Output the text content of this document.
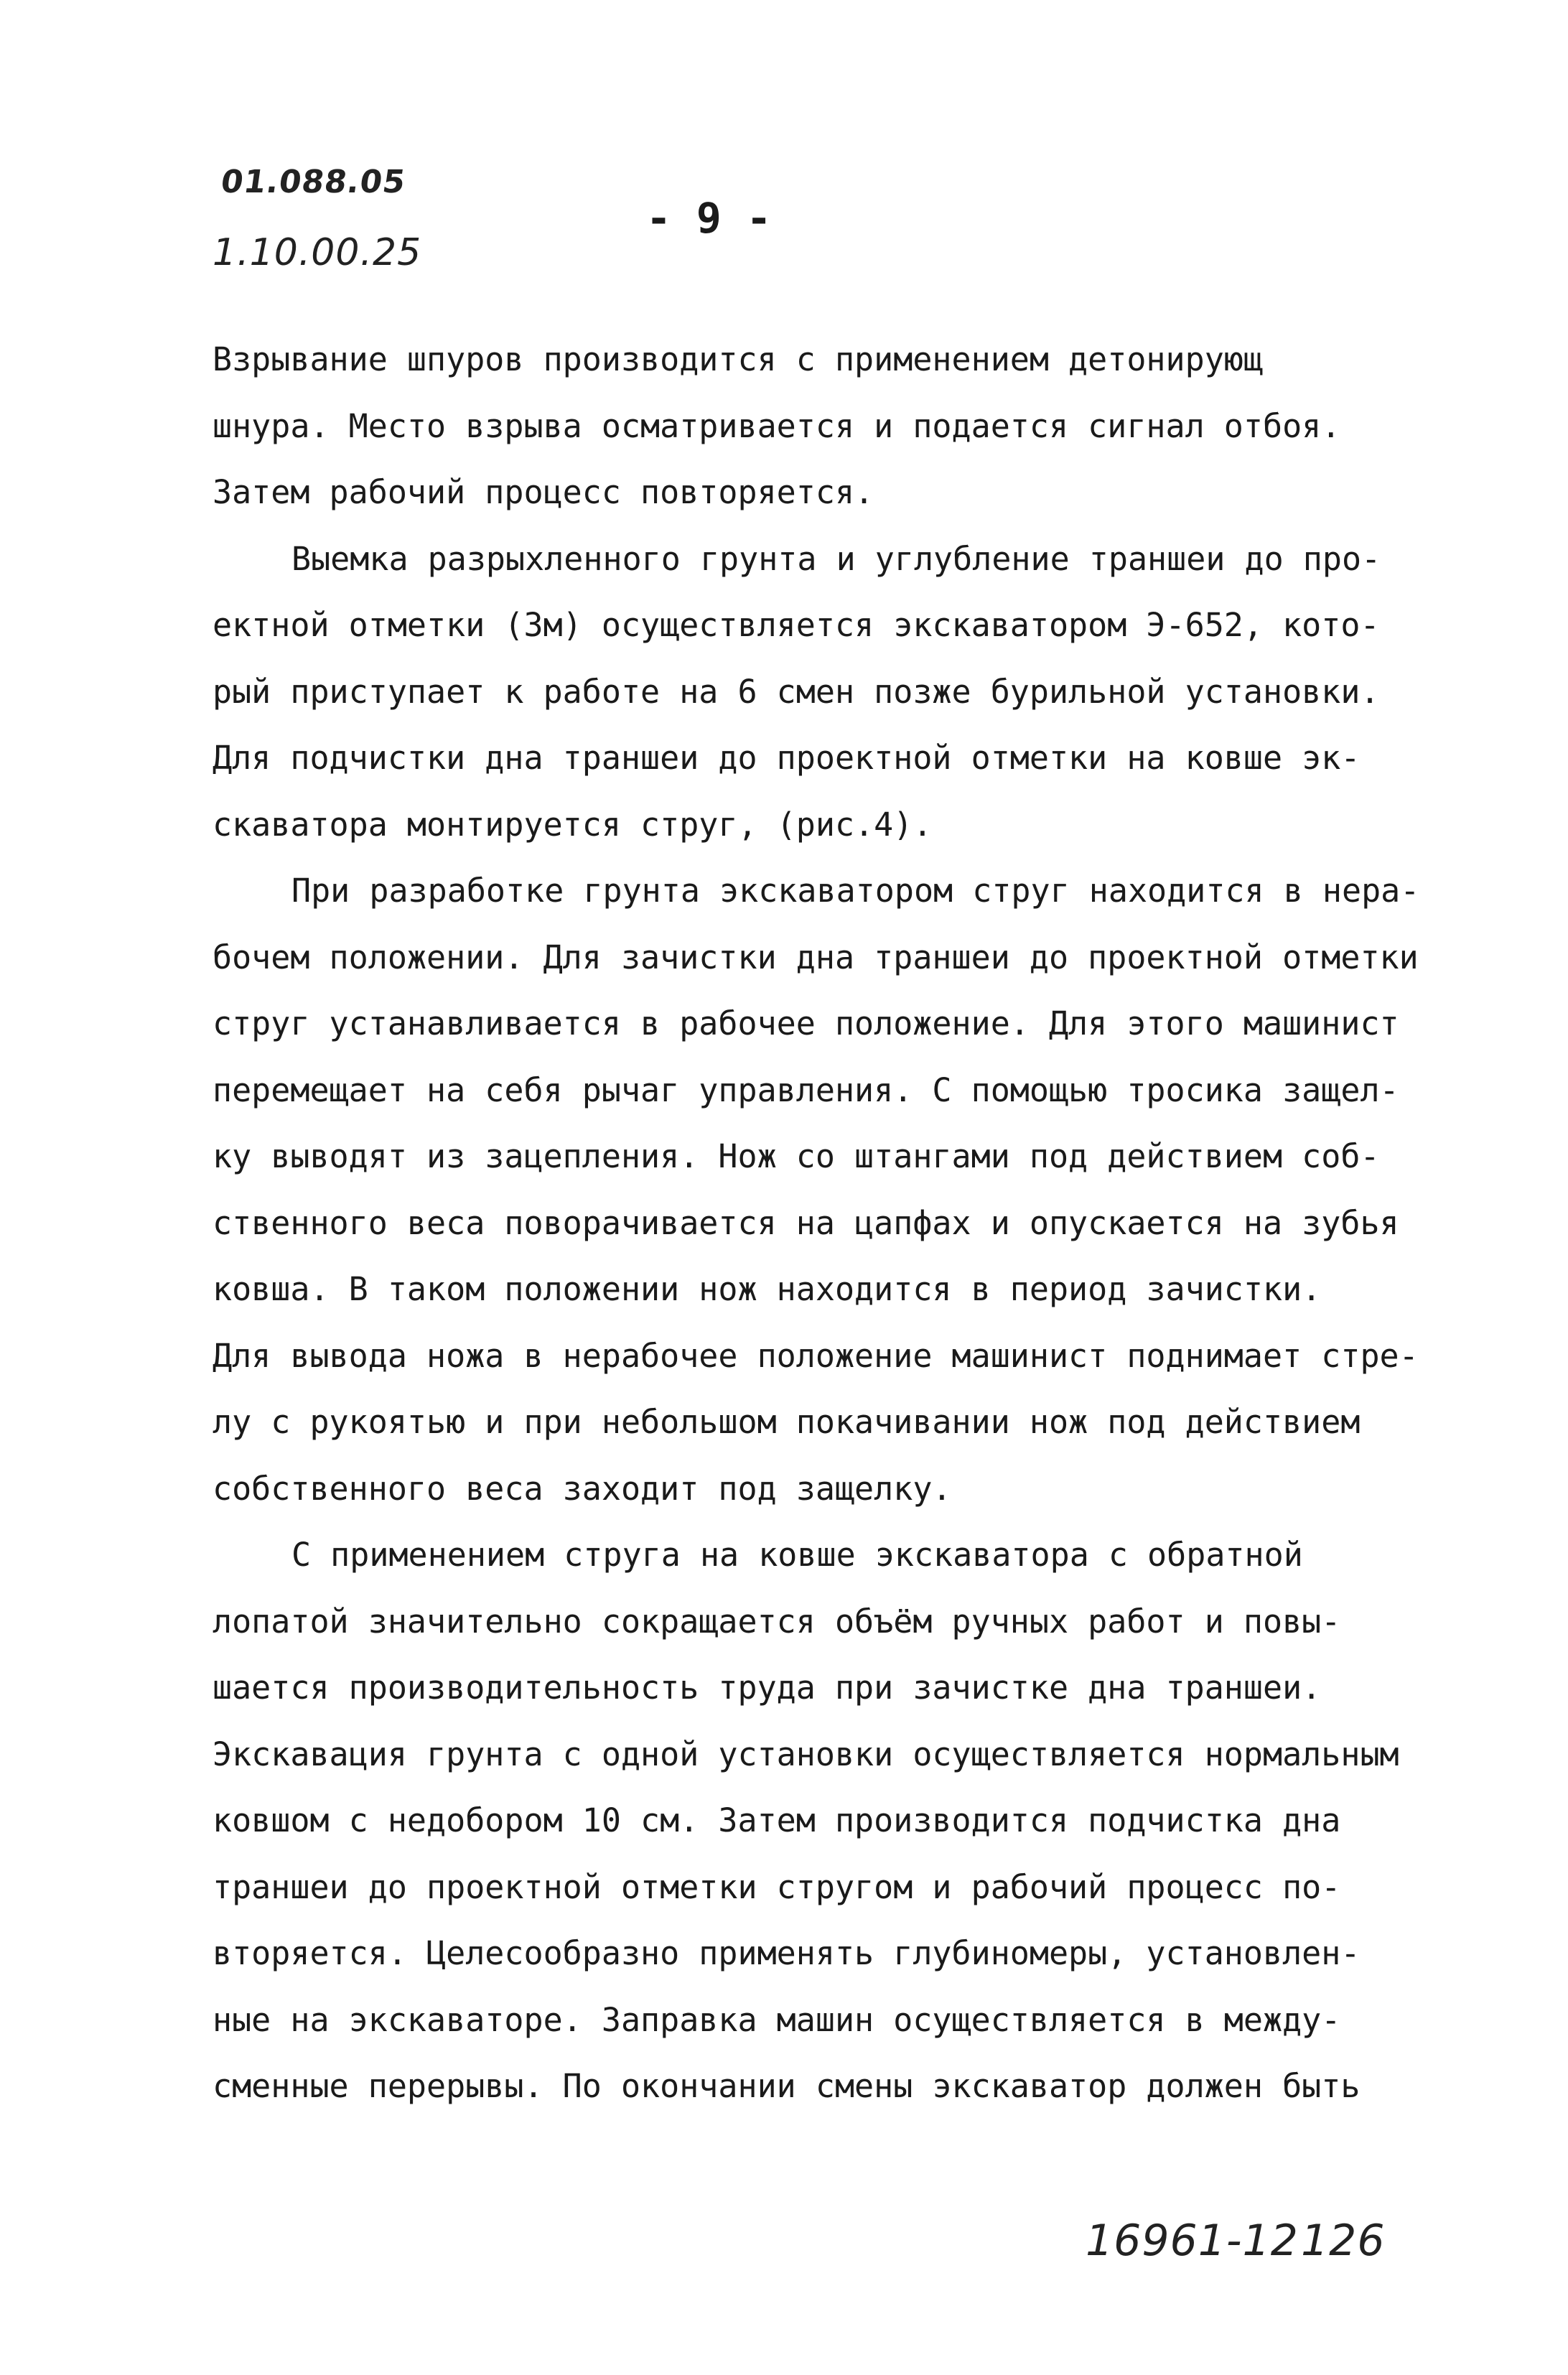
01.088.05
1.10.00.25
- 9 -
Взрывание шпуров производится с применением детонирующ
шнура. Место взрыва осматривается и подается сигнал отбоя.
Затем рабочий процесс повторяется.
Выемка разрыхленного грунта и углубление траншеи до про-
ектной отметки (3м) осуществляется экскаватором Э-652, кото-
рый приступает к работе на 6 смен позже бурильной установки.
Для подчистки дна траншеи до проектной отметки на ковше эк-
скаватора монтируется струг, (рис.4).
При разработке грунта экскаватором струг находится в нера-
бочем положении. Для зачистки дна траншеи до проектной отметки
струг устанавливается в рабочее положение. Для этого машинист
перемещает на себя рычаг управления. С помощью тросика защел-
ку выводят из зацепления. Нож со штангами под действием соб-
ственного веса поворачивается на цапфах и опускается на зубья
ковша. В таком положении нож находится в период зачистки.
Для вывода ножа в нерабочее положение машинист поднимает стре-
лу с рукоятью и при небольшом покачивании нож под действием
собственного веса заходит под защелку.
С применением струга на ковше экскаватора с обратной
лопатой значительно сокращается объём ручных работ и повы-
шается производительность труда при зачистке дна траншеи.
Экскавация грунта с одной установки осуществляется нормальным
ковшом с недобором 10 см. Затем производится подчистка дна
траншеи до проектной отметки стругом и рабочий процесс по-
вторяется. Целесообразно применять глубиномеры, установлен-
ные на экскаваторе. Заправка машин осуществляется в между-
сменные перерывы. По окончании смены экскаватор должен быть
16961-12 126
